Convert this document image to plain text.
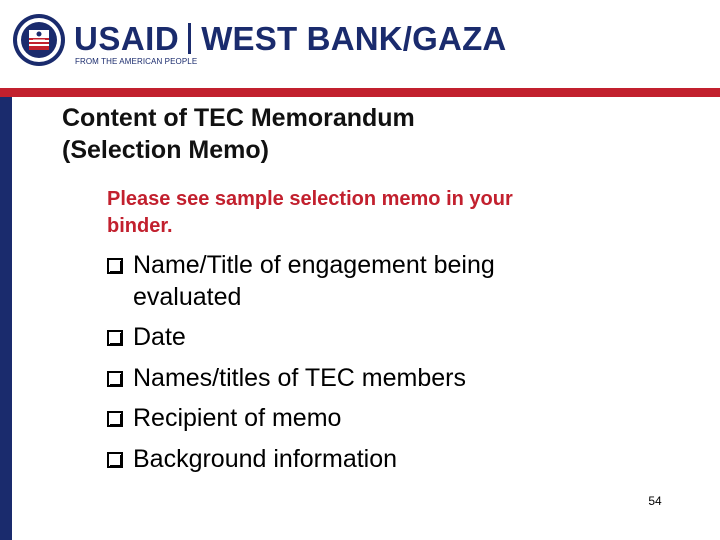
USAID WEST BANK/GAZA
FROM THE AMERICAN PEOPLE
Content of TEC Memorandum
(Selection Memo)
Please see sample selection memo in your
binder.
Name/Title of engagement being
evaluated
Date
Names/titles of TEC members
Recipient of memo
Background information
54
